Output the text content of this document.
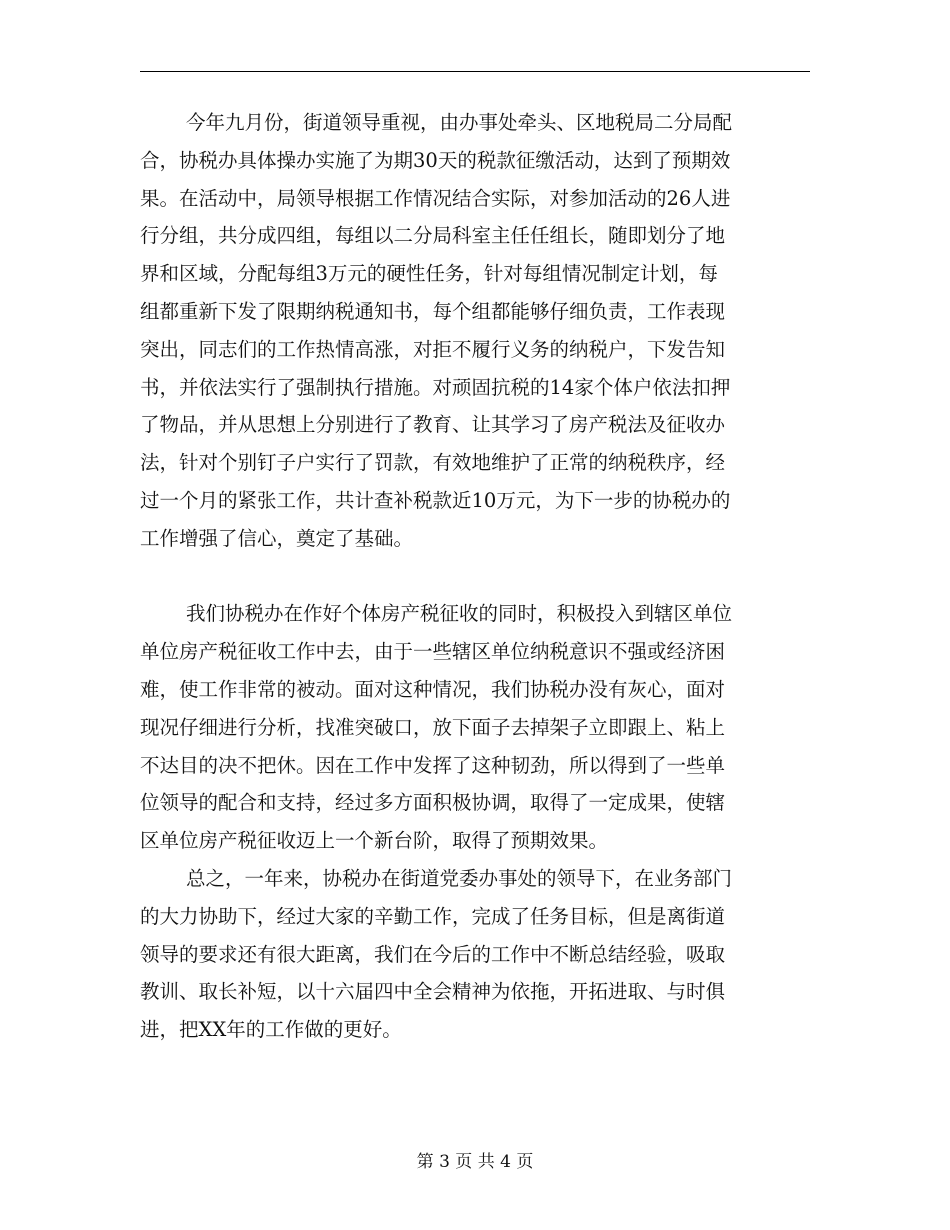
今年九月份，街道领导重视，由办事处牵头、区地税局二分局配
合，协税办具体操办实施了为期30天的税款征缴活动，达到了预期效
果。在活动中，局领导根据工作情况结合实际，对参加活动的26人进
行分组，共分成四组，每组以二分局科室主任任组长，随即划分了地
界和区域，分配每组3万元的硬性任务，针对每组情况制定计划，每
组都重新下发了限期纳税通知书，每个组都能够仔细负责，工作表现
突出，同志们的工作热情高涨，对拒不履行义务的纳税户，下发告知
书，并依法实行了强制执行措施。对顽固抗税的14家个体户依法扣押
了物品，并从思想上分别进行了教育、让其学习了房产税法及征收办
法，针对个别钉子户实行了罚款，有效地维护了正常的纳税秩序，经
过一个月的紧张工作，共计查补税款近10万元，为下一步的协税办的
工作增强了信心，奠定了基础。

我们协税办在作好个体房产税征收的同时，积极投入到辖区单位
单位房产税征收工作中去，由于一些辖区单位纳税意识不强或经济困
难，使工作非常的被动。面对这种情况，我们协税办没有灰心，面对
现况仔细进行分析，找准突破口，放下面子去掉架子立即跟上、粘上
不达目的决不把休。因在工作中发挥了这种韧劲，所以得到了一些单
位领导的配合和支持，经过多方面积极协调，取得了一定成果，使辖
区单位房产税征收迈上一个新台阶，取得了预期效果。
总之，一年来，协税办在街道党委办事处的领导下，在业务部门
的大力协助下，经过大家的辛勤工作，完成了任务目标，但是离街道
领导的要求还有很大距离，我们在今后的工作中不断总结经验，吸取
教训、取长补短，以十六届四中全会精神为依拖，开拓进取、与时俱
进，把XX年的工作做的更好。
第 3 页 共 4 页
